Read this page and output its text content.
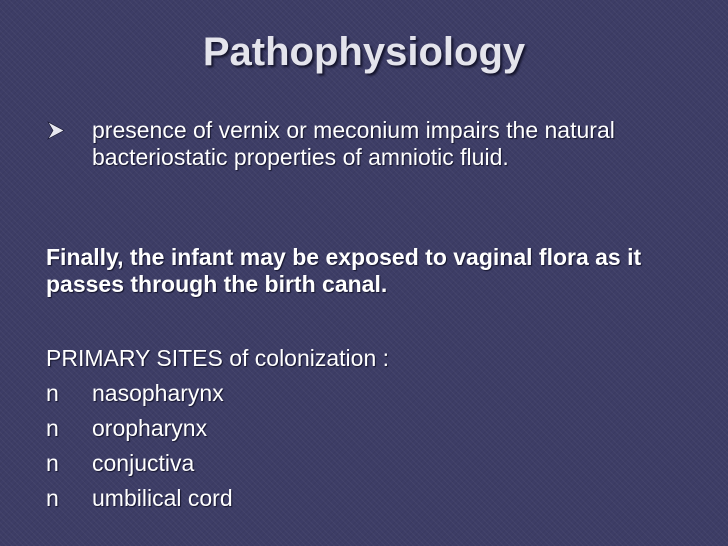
Pathophysiology
presence of vernix or meconium impairs the natural bacteriostatic properties of amniotic fluid.
Finally, the infant may be exposed to vaginal flora as it passes through the birth canal.
PRIMARY SITES of colonization :
n nasopharynx
n oropharynx
n conjuctiva
n umbilical cord
